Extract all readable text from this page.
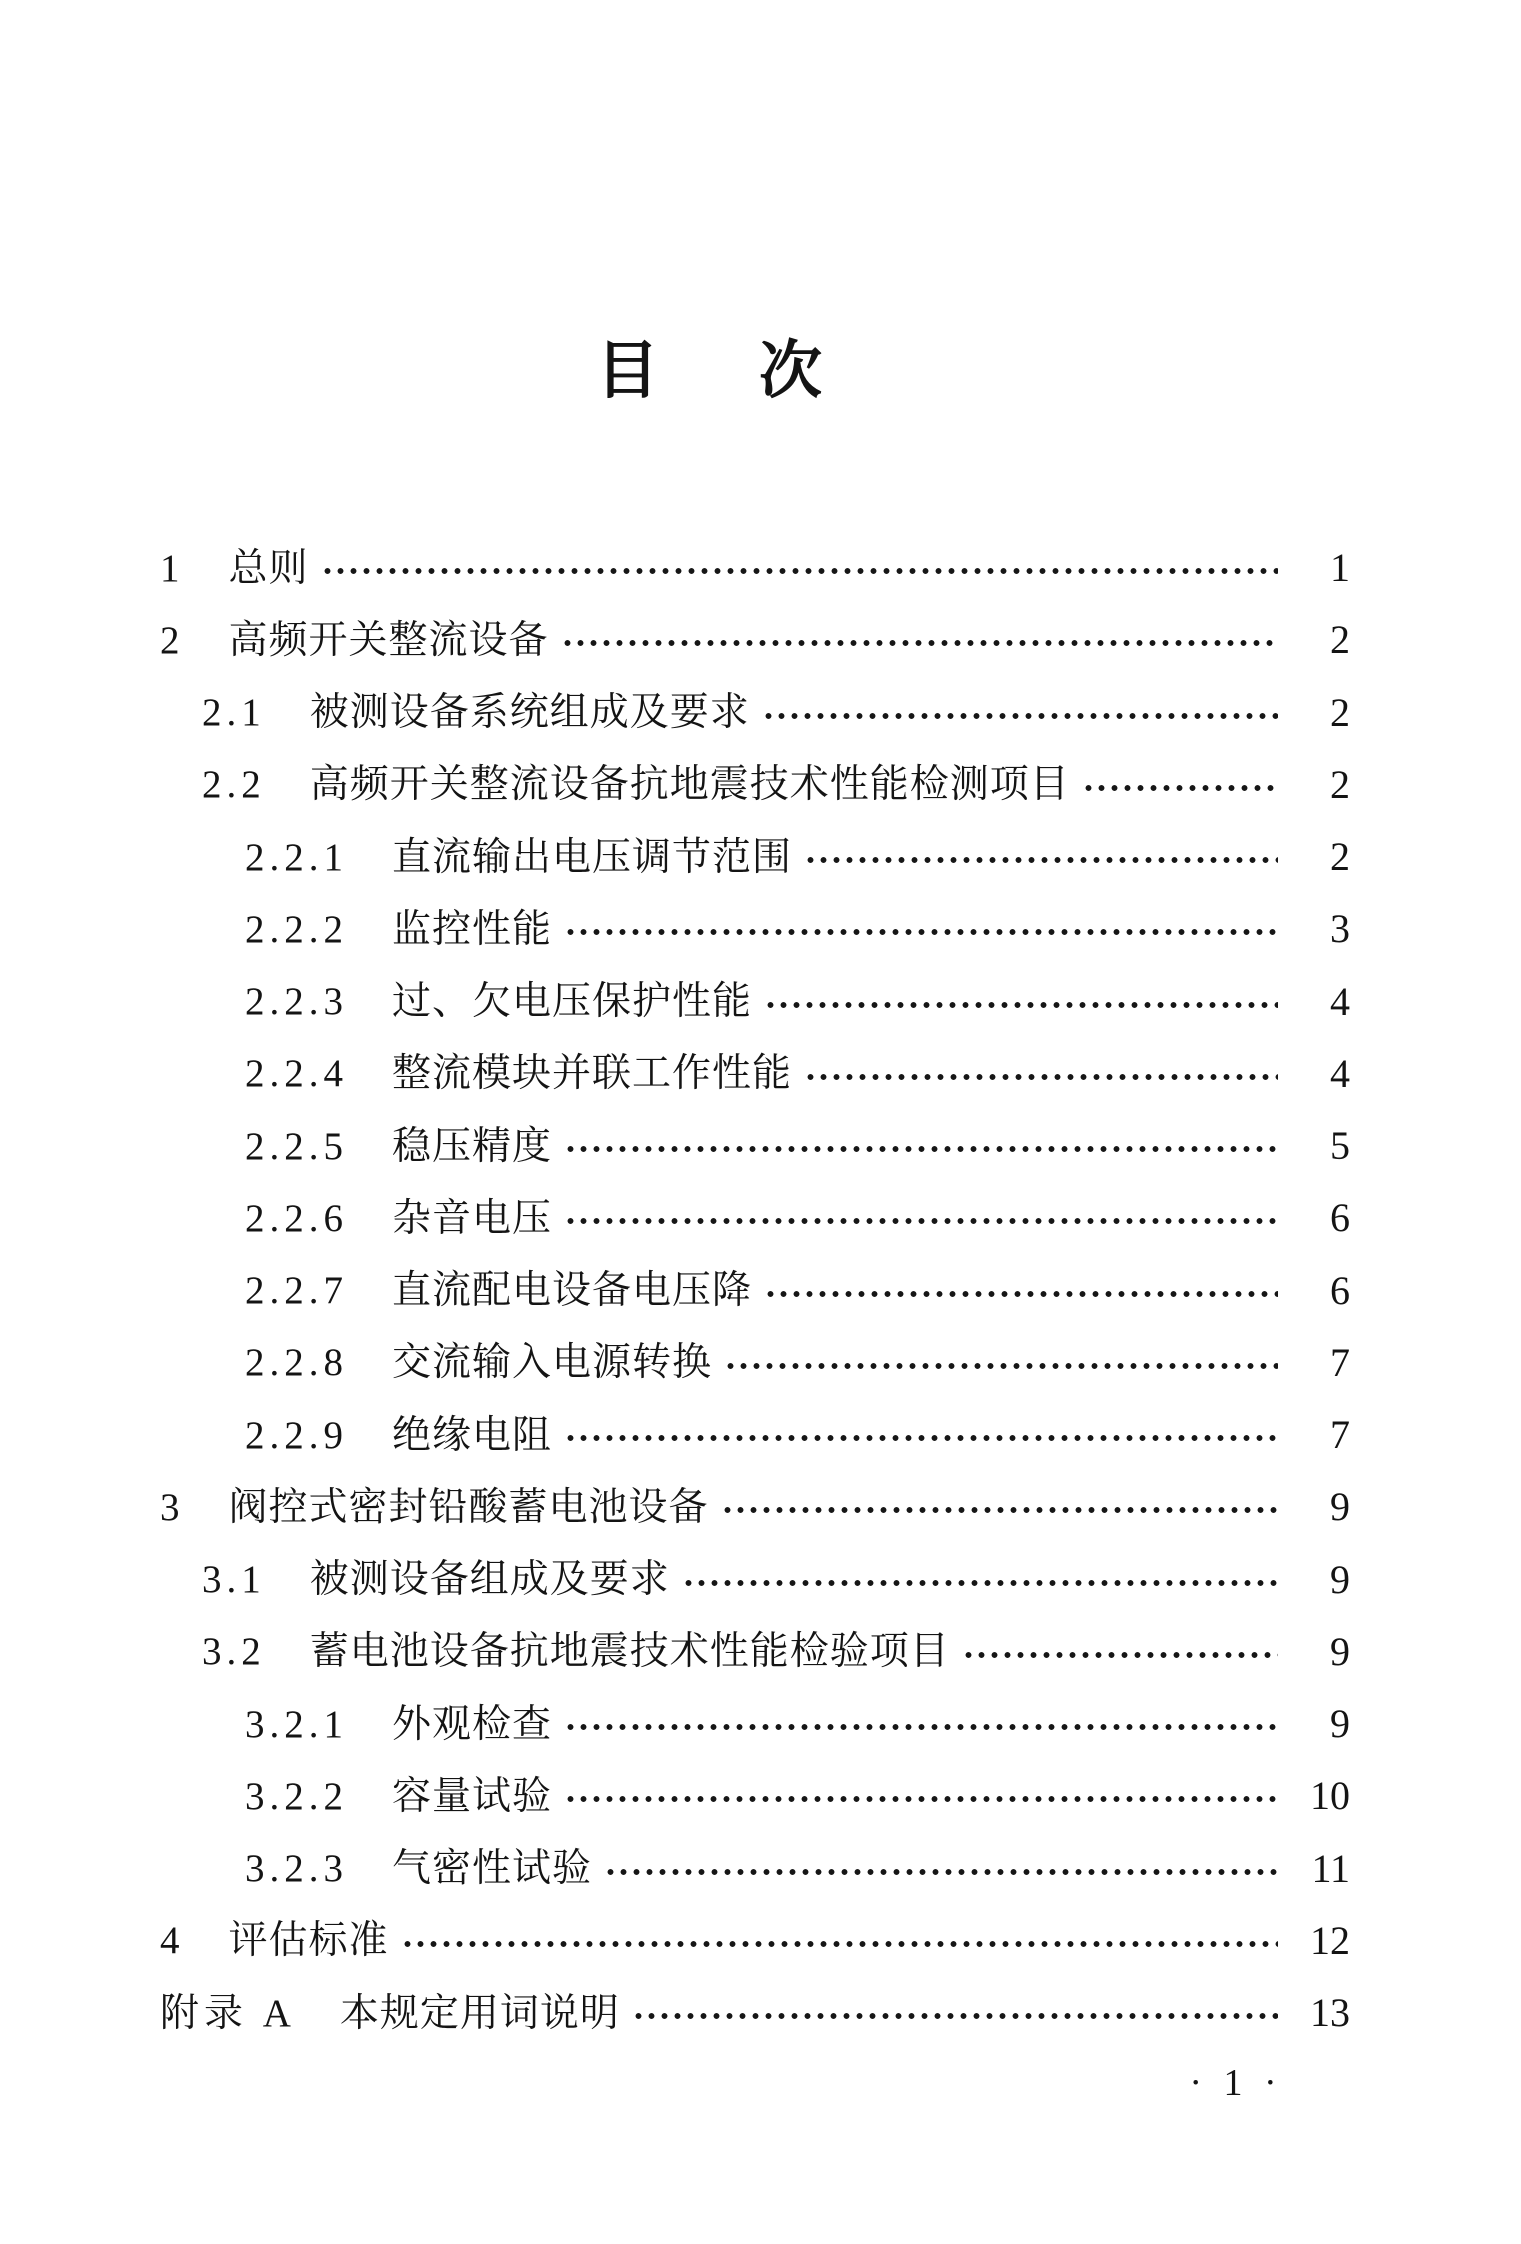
目 次
1 总则	1
2 高频开关整流设备	2
2.1 被测设备系统组成及要求	2
2.2 高频开关整流设备抗地震技术性能检测项目	2
2.2.1 直流输出电压调节范围	2
2.2.2 监控性能	3
2.2.3 过、欠电压保护性能	4
2.2.4 整流模块并联工作性能	4
2.2.5 稳压精度	5
2.2.6 杂音电压	6
2.2.7 直流配电设备电压降	6
2.2.8 交流输入电源转换	7
2.2.9 绝缘电阻	7
3 阀控式密封铅酸蓄电池设备	9
3.1 被测设备组成及要求	9
3.2 蓄电池设备抗地震技术性能检验项目	9
3.2.1 外观检查	9
3.2.2 容量试验	10
3.2.3 气密性试验	11
4 评估标准	12
附录 A 本规定用词说明	13
· 1 ·
